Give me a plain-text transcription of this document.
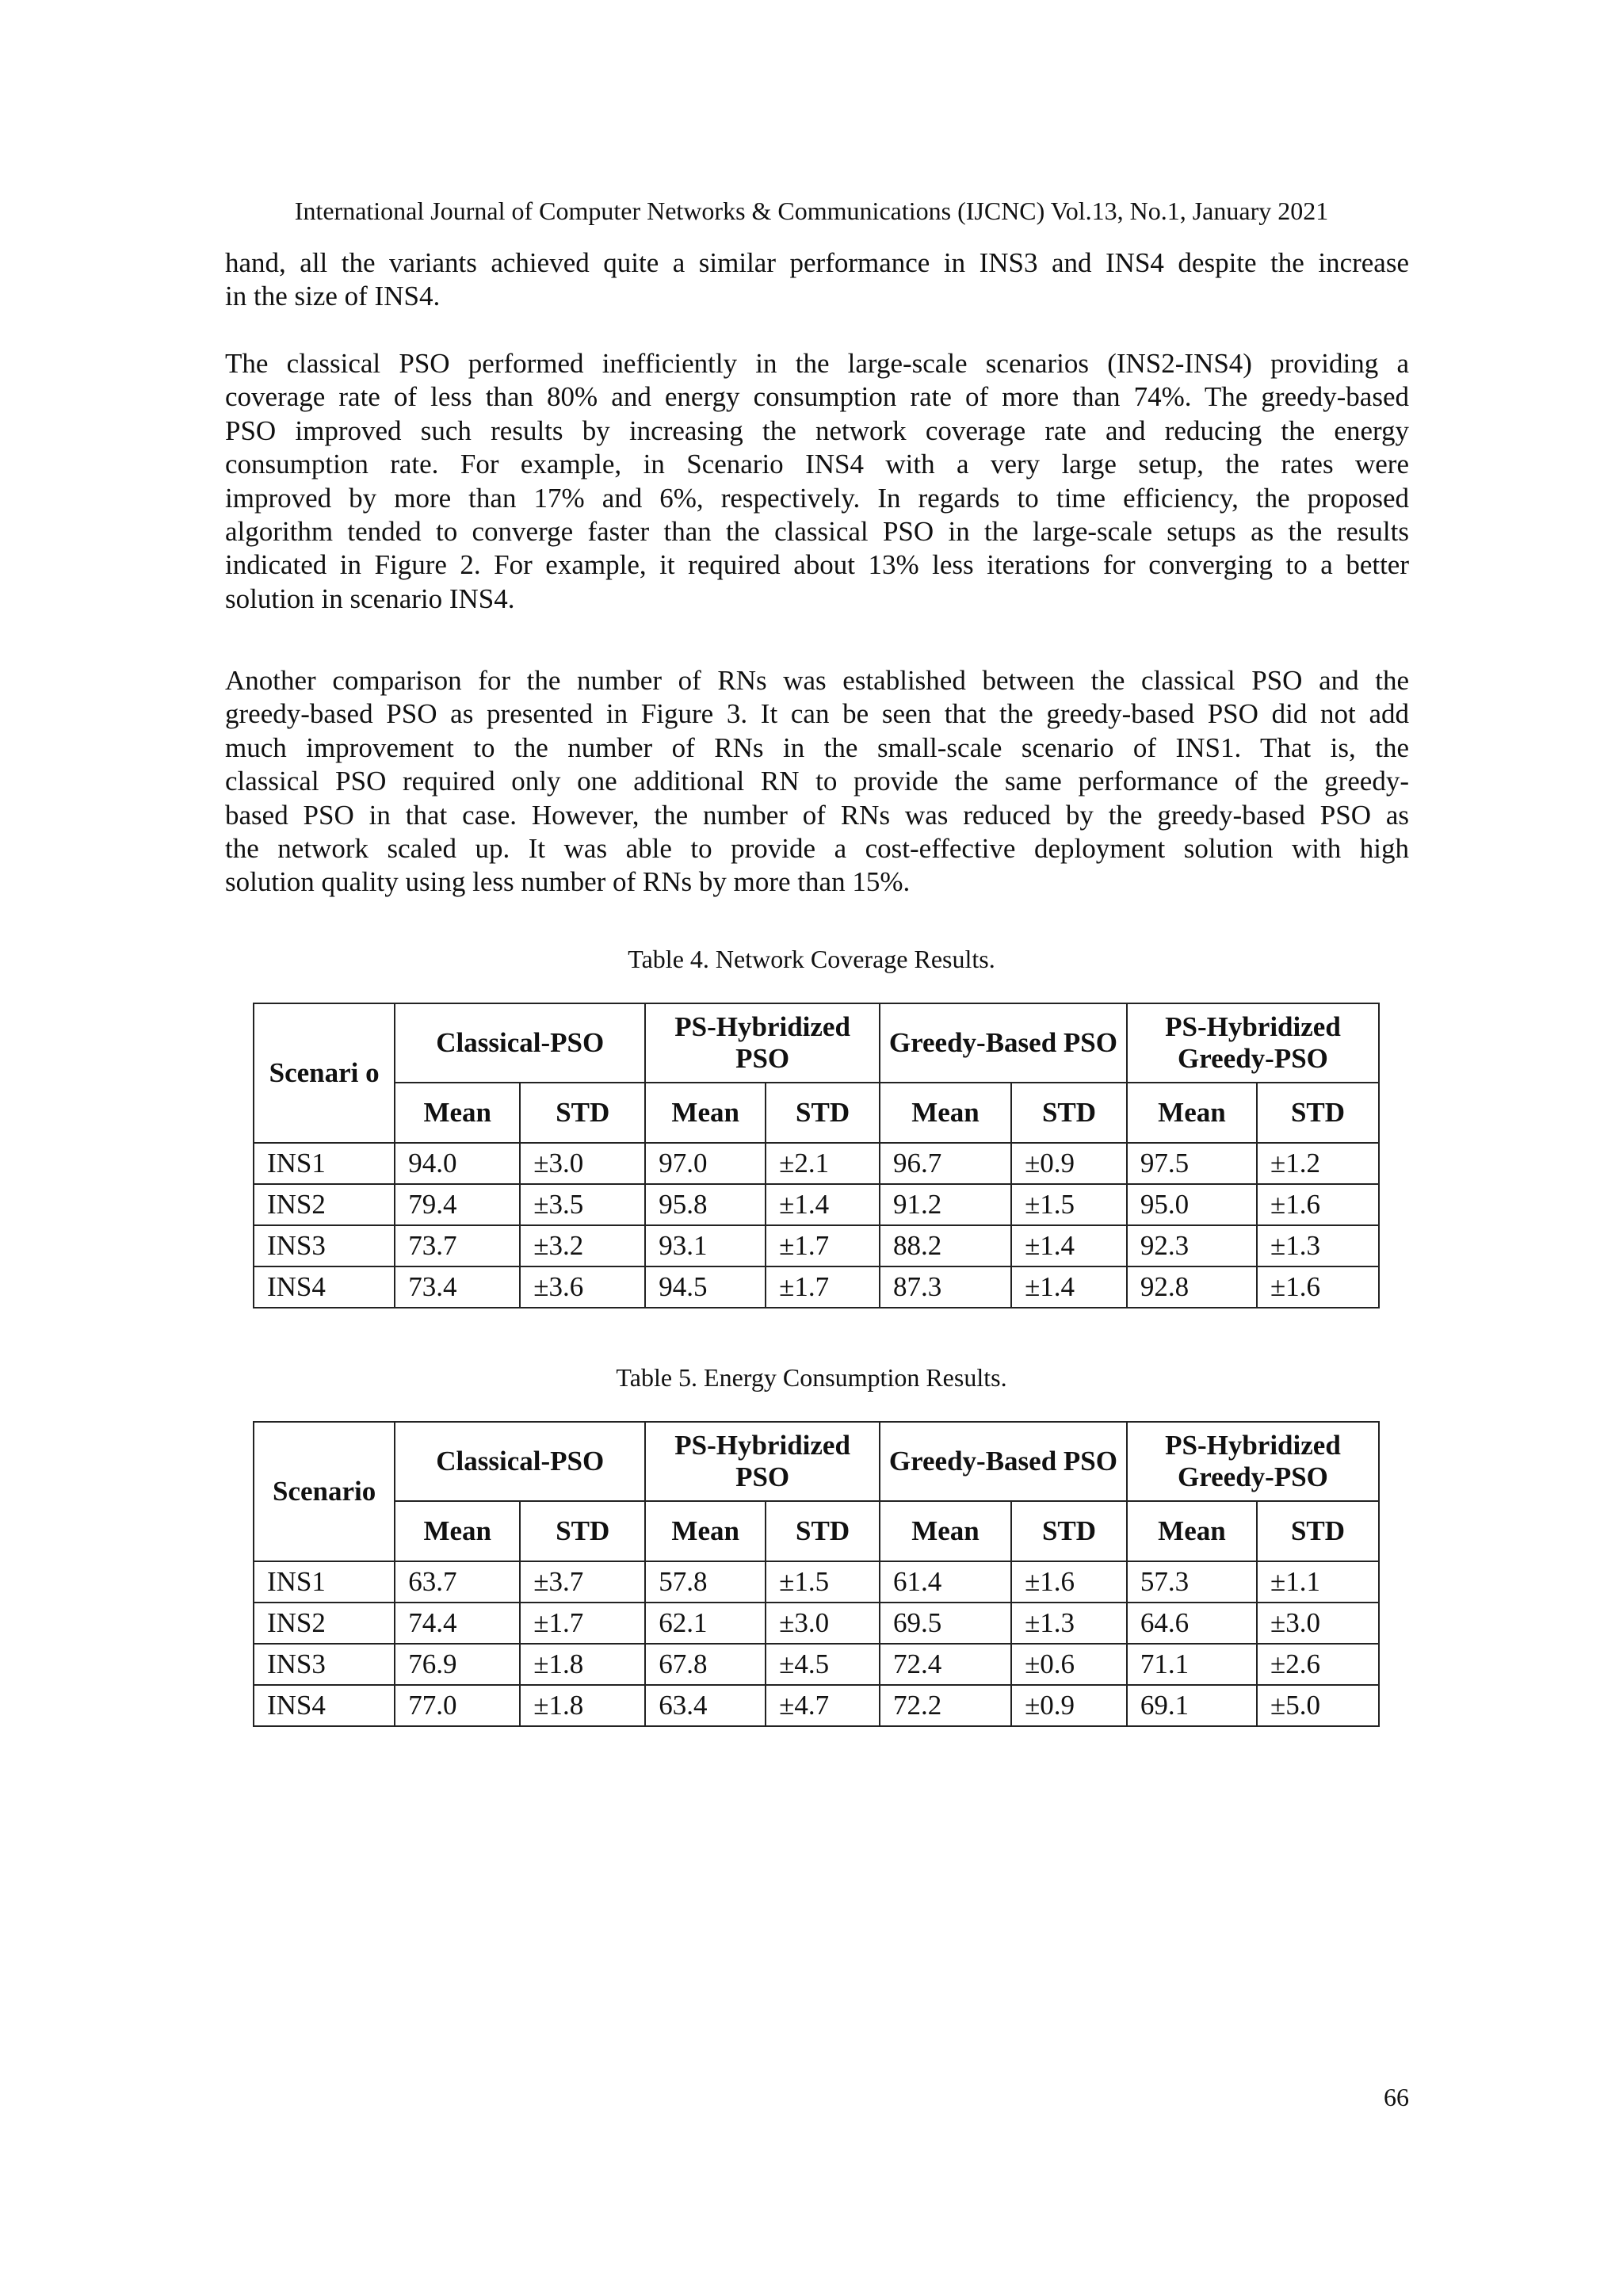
International Journal of Computer Networks & Communications (IJCNC) Vol.13, No.1, January 2021

hand, all the variants achieved quite a similar performance in INS3 and INS4 despite the increase
in the size of INS4.

The classical PSO performed inefficiently in the large-scale scenarios (INS2-INS4) providing a
coverage rate of less than 80% and energy consumption rate of more than 74%. The greedy-based
PSO improved such results by increasing the network coverage rate and reducing the energy
consumption rate. For example, in Scenario INS4 with a very large setup, the rates were
improved by more than 17% and 6%, respectively. In regards to time efficiency, the proposed
algorithm tended to converge faster than the classical PSO in the large-scale setups as the results
indicated in Figure 2. For example, it required about 13% less iterations for converging to a better
solution in scenario INS4.

Another comparison for the number of RNs was established between the classical PSO and the
greedy-based PSO as presented in Figure 3. It can be seen that the greedy-based PSO did not add
much improvement to the number of RNs in the small-scale scenario of INS1. That is, the
classical PSO required only one additional RN to provide the same performance of the greedy-
based PSO in that case. However, the number of RNs was reduced by the greedy-based PSO as
the network scaled up. It was able to provide a cost-effective deployment solution with high
solution quality using less number of RNs by more than 15%.

Table 4. Network Coverage Results.
Scenari o	Classical-PSO		PS-Hybridized PSO		Greedy-Based PSO		PS-Hybridized Greedy-PSO	
	Mean	STD	Mean	STD	Mean	STD	Mean	STD
INS1	94.0	±3.0	97.0	±2.1	96.7	±0.9	97.5	±1.2
INS2	79.4	±3.5	95.8	±1.4	91.2	±1.5	95.0	±1.6
INS3	73.7	±3.2	93.1	±1.7	88.2	±1.4	92.3	±1.3
INS4	73.4	±3.6	94.5	±1.7	87.3	±1.4	92.8	±1.6
Table 5. Energy Consumption Results.
Scenario	Classical-PSO		PS-Hybridized PSO		Greedy-Based PSO		PS-Hybridized Greedy-PSO	
	Mean	STD	Mean	STD	Mean	STD	Mean	STD
INS1	63.7	±3.7	57.8	±1.5	61.4	±1.6	57.3	±1.1
INS2	74.4	±1.7	62.1	±3.0	69.5	±1.3	64.6	±3.0
INS3	76.9	±1.8	67.8	±4.5	72.4	±0.6	71.1	±2.6
INS4	77.0	±1.8	63.4	±4.7	72.2	±0.9	69.1	±5.0
66
